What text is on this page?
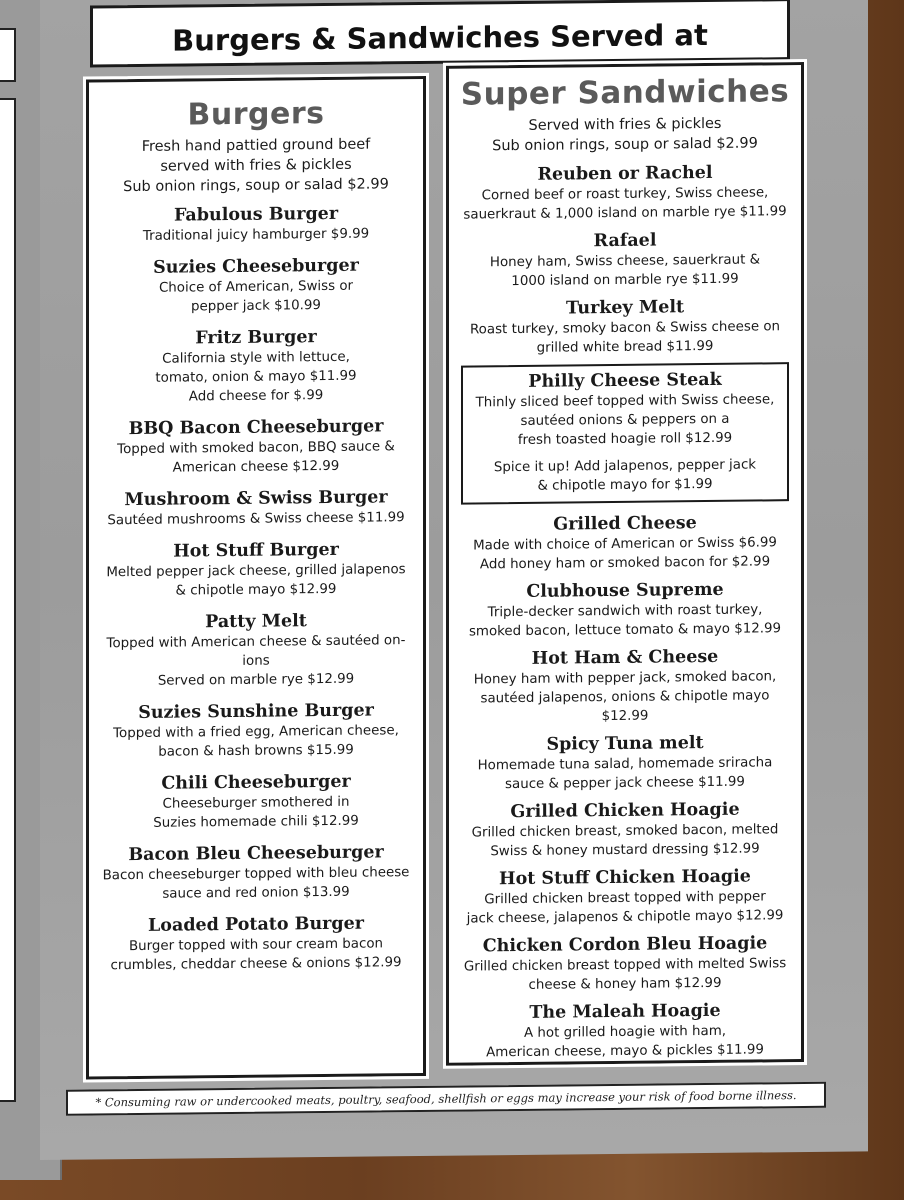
Burgers & Sandwiches Served at
Burgers
Fresh hand pattied ground beef
served with fries & pickles
Sub onion rings, soup or salad $2.99
Fabulous Burger
Traditional juicy hamburger $9.99
Suzies Cheeseburger
Choice of American, Swiss or
pepper jack $10.99
Fritz Burger
California style with lettuce,
tomato, onion & mayo $11.99
Add cheese for $.99
BBQ Bacon Cheeseburger
Topped with smoked bacon, BBQ sauce &
American cheese $12.99
Mushroom & Swiss Burger
Sautéed mushrooms & Swiss cheese $11.99
Hot Stuff Burger
Melted pepper jack cheese, grilled jalapenos
& chipotle mayo $12.99
Patty Melt
Topped with American cheese & sautéed on-
ions
Served on marble rye $12.99
Suzies Sunshine Burger
Topped with a fried egg, American cheese,
bacon & hash browns $15.99
Chili Cheeseburger
Cheeseburger smothered in
Suzies homemade chili $12.99
Bacon Bleu Cheeseburger
Bacon cheeseburger topped with bleu cheese
sauce and red onion $13.99
Loaded Potato Burger
Burger topped with sour cream bacon
crumbles, cheddar cheese & onions $12.99
Super Sandwiches
Served with fries & pickles
Sub onion rings, soup or salad $2.99
Reuben or Rachel
Corned beef or roast turkey, Swiss cheese,
sauerkraut & 1,000 island on marble rye $11.99
Rafael
Honey ham, Swiss cheese, sauerkraut &
1000 island on marble rye $11.99
Turkey Melt
Roast turkey, smoky bacon & Swiss cheese on
grilled white bread $11.99
Philly Cheese Steak
Thinly sliced beef topped with Swiss cheese,
sautéed onions & peppers on a
fresh toasted hoagie roll $12.99
Spice it up! Add jalapenos, pepper jack
& chipotle mayo for $1.99
Grilled Cheese
Made with choice of American or Swiss $6.99
Add honey ham or smoked bacon for $2.99
Clubhouse Supreme
Triple-decker sandwich with roast turkey,
smoked bacon, lettuce tomato & mayo $12.99
Hot Ham & Cheese
Honey ham with pepper jack, smoked bacon,
sautéed jalapenos, onions & chipotle mayo $12.99
Spicy Tuna melt
Homemade tuna salad, homemade sriracha
sauce & pepper jack cheese $11.99
Grilled Chicken Hoagie
Grilled chicken breast, smoked bacon, melted
Swiss & honey mustard dressing $12.99
Hot Stuff Chicken Hoagie
Grilled chicken breast topped with pepper
jack cheese, jalapenos & chipotle mayo $12.99
Chicken Cordon Bleu Hoagie
Grilled chicken breast topped with melted Swiss
cheese & honey ham $12.99
The Maleah Hoagie
A hot grilled hoagie with ham,
American cheese, mayo & pickles $11.99
* Consuming raw or undercooked meats, poultry, seafood, shellfish or eggs may increase your risk of food borne illness.
